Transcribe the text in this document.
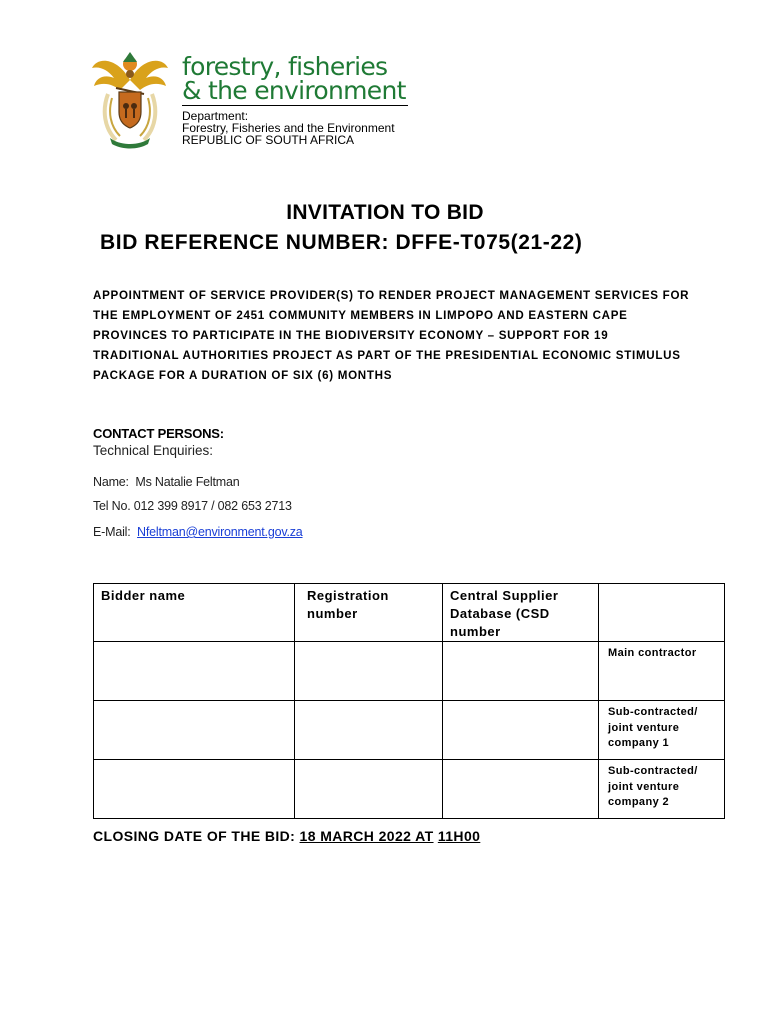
forestry, fisheries
& the environment
Department:
Forestry, Fisheries and the Environment
REPUBLIC OF SOUTH AFRICA
INVITATION TO BID
BID REFERENCE NUMBER: DFFE-T075(21-22)
APPOINTMENT OF SERVICE PROVIDER(S) TO RENDER PROJECT MANAGEMENT SERVICES FOR THE EMPLOYMENT OF 2451 COMMUNITY MEMBERS IN LIMPOPO AND EASTERN CAPE PROVINCES TO PARTICIPATE IN THE BIODIVERSITY ECONOMY – SUPPORT FOR 19 TRADITIONAL AUTHORITIES PROJECT AS PART OF THE PRESIDENTIAL ECONOMIC STIMULUS PACKAGE FOR A DURATION OF SIX (6) MONTHS
CONTACT PERSONS:
Technical Enquiries:
Name: Ms Natalie Feltman
Tel No. 012 399 8917 / 082 653 2713
E-Mail: Nfeltman@environment.gov.za
Bidder name	Registration number	Central Supplier Database (CSD number	
			Main contractor
			Sub-contracted/ joint venture company 1
			Sub-contracted/ joint venture company 2
CLOSING DATE OF THE BID: 18 MARCH 2022 AT 11H00
